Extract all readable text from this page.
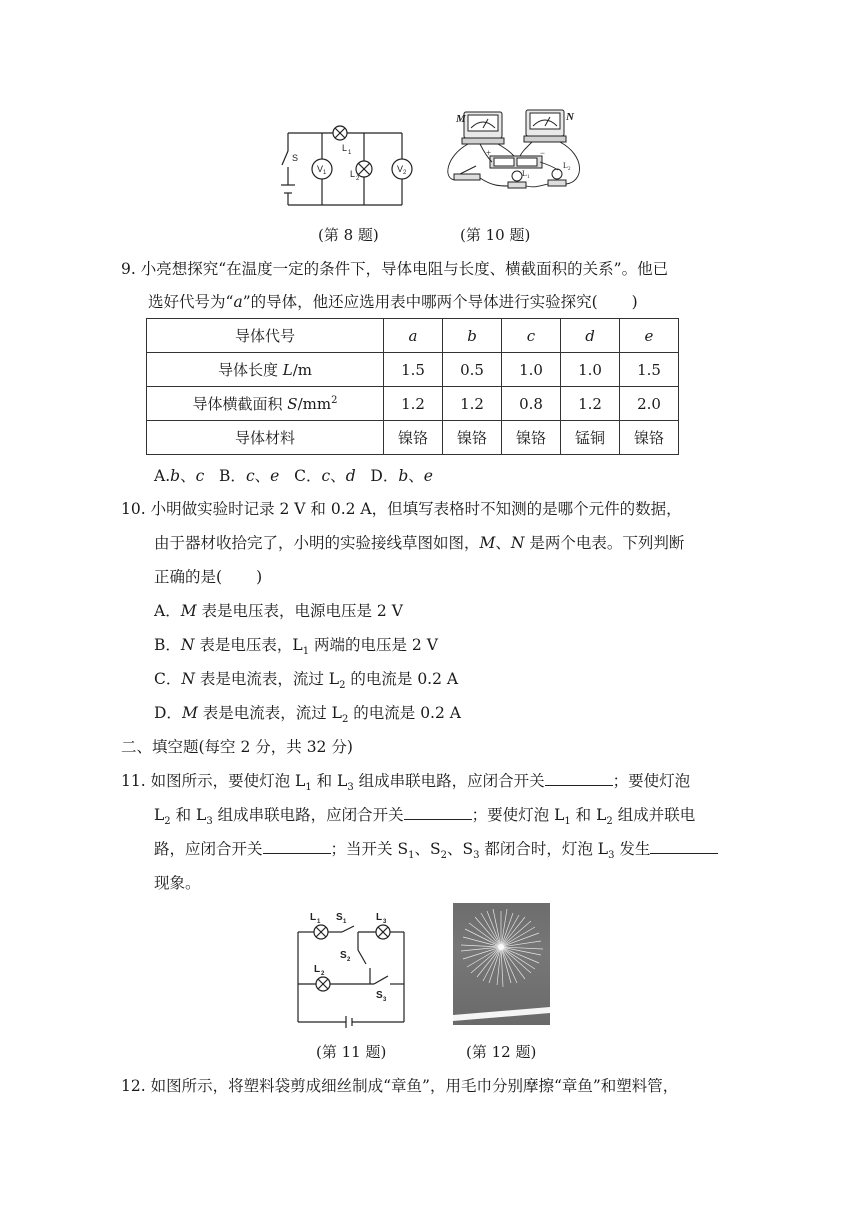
S
V 1
L 1
L 2
V 2
M	N
+	−
L 1
L 2
(第 8 题)	(第 10 题)
9. 小亮想探究“在温度一定的条件下，导体电阻与长度、横截面积的关系”。他已
选好代号为“a”的导体，他还应选用表中哪两个导体进行实验探究( )
导体代号	a	b	c	d	e
导体长度 L/m	1.5	0.5	1.0	1.0	1.5
导体横截面积 $S/mm^2$	1.2	1.2	0.8	1.2	2.0
导体材料	镍铬	镍铬	镍铬	锰铜	镍铬
A.b、c B．c、e C．c、d D．b、e
10. 小明做实验时记录 2 V 和 0.2 A，但填写表格时不知测的是哪个元件的数据，
由于器材收拾完了，小明的实验接线草图如图，M、N 是两个电表。下列判断
正确的是( )
A．M 表是电压表，电源电压是 2 V
B．N 表是电压表，$L_1$ 两端的电压是 2 V
C．N 表是电流表，流过 $L_2$ 的电流是 0.2 A
D．M 表是电流表，流过 $L_2$ 的电流是 0.2 A
二、填空题(每空 2 分，共 32 分)
11. 如图所示，要使灯泡 $L_1$ 和 $L_3$ 组成串联电路，应闭合开关	；要使灯泡
$L_2$ 和 $L_3$ 组成串联电路，应闭合开关	；要使灯泡 $L_1$ 和 $L_2$ 组成并联电
路，应闭合开关	；当开关 $S_1$、$S_2$、$S_3$ 都闭合时，灯泡 $L_3$ 发生
现象。
L 1 S 1	L 3
S 2
L 2
S 3
(第 11 题)	(第 12 题)
12. 如图所示，将塑料袋剪成细丝制成“章鱼”，用毛巾分别摩擦“章鱼”和塑料管，
